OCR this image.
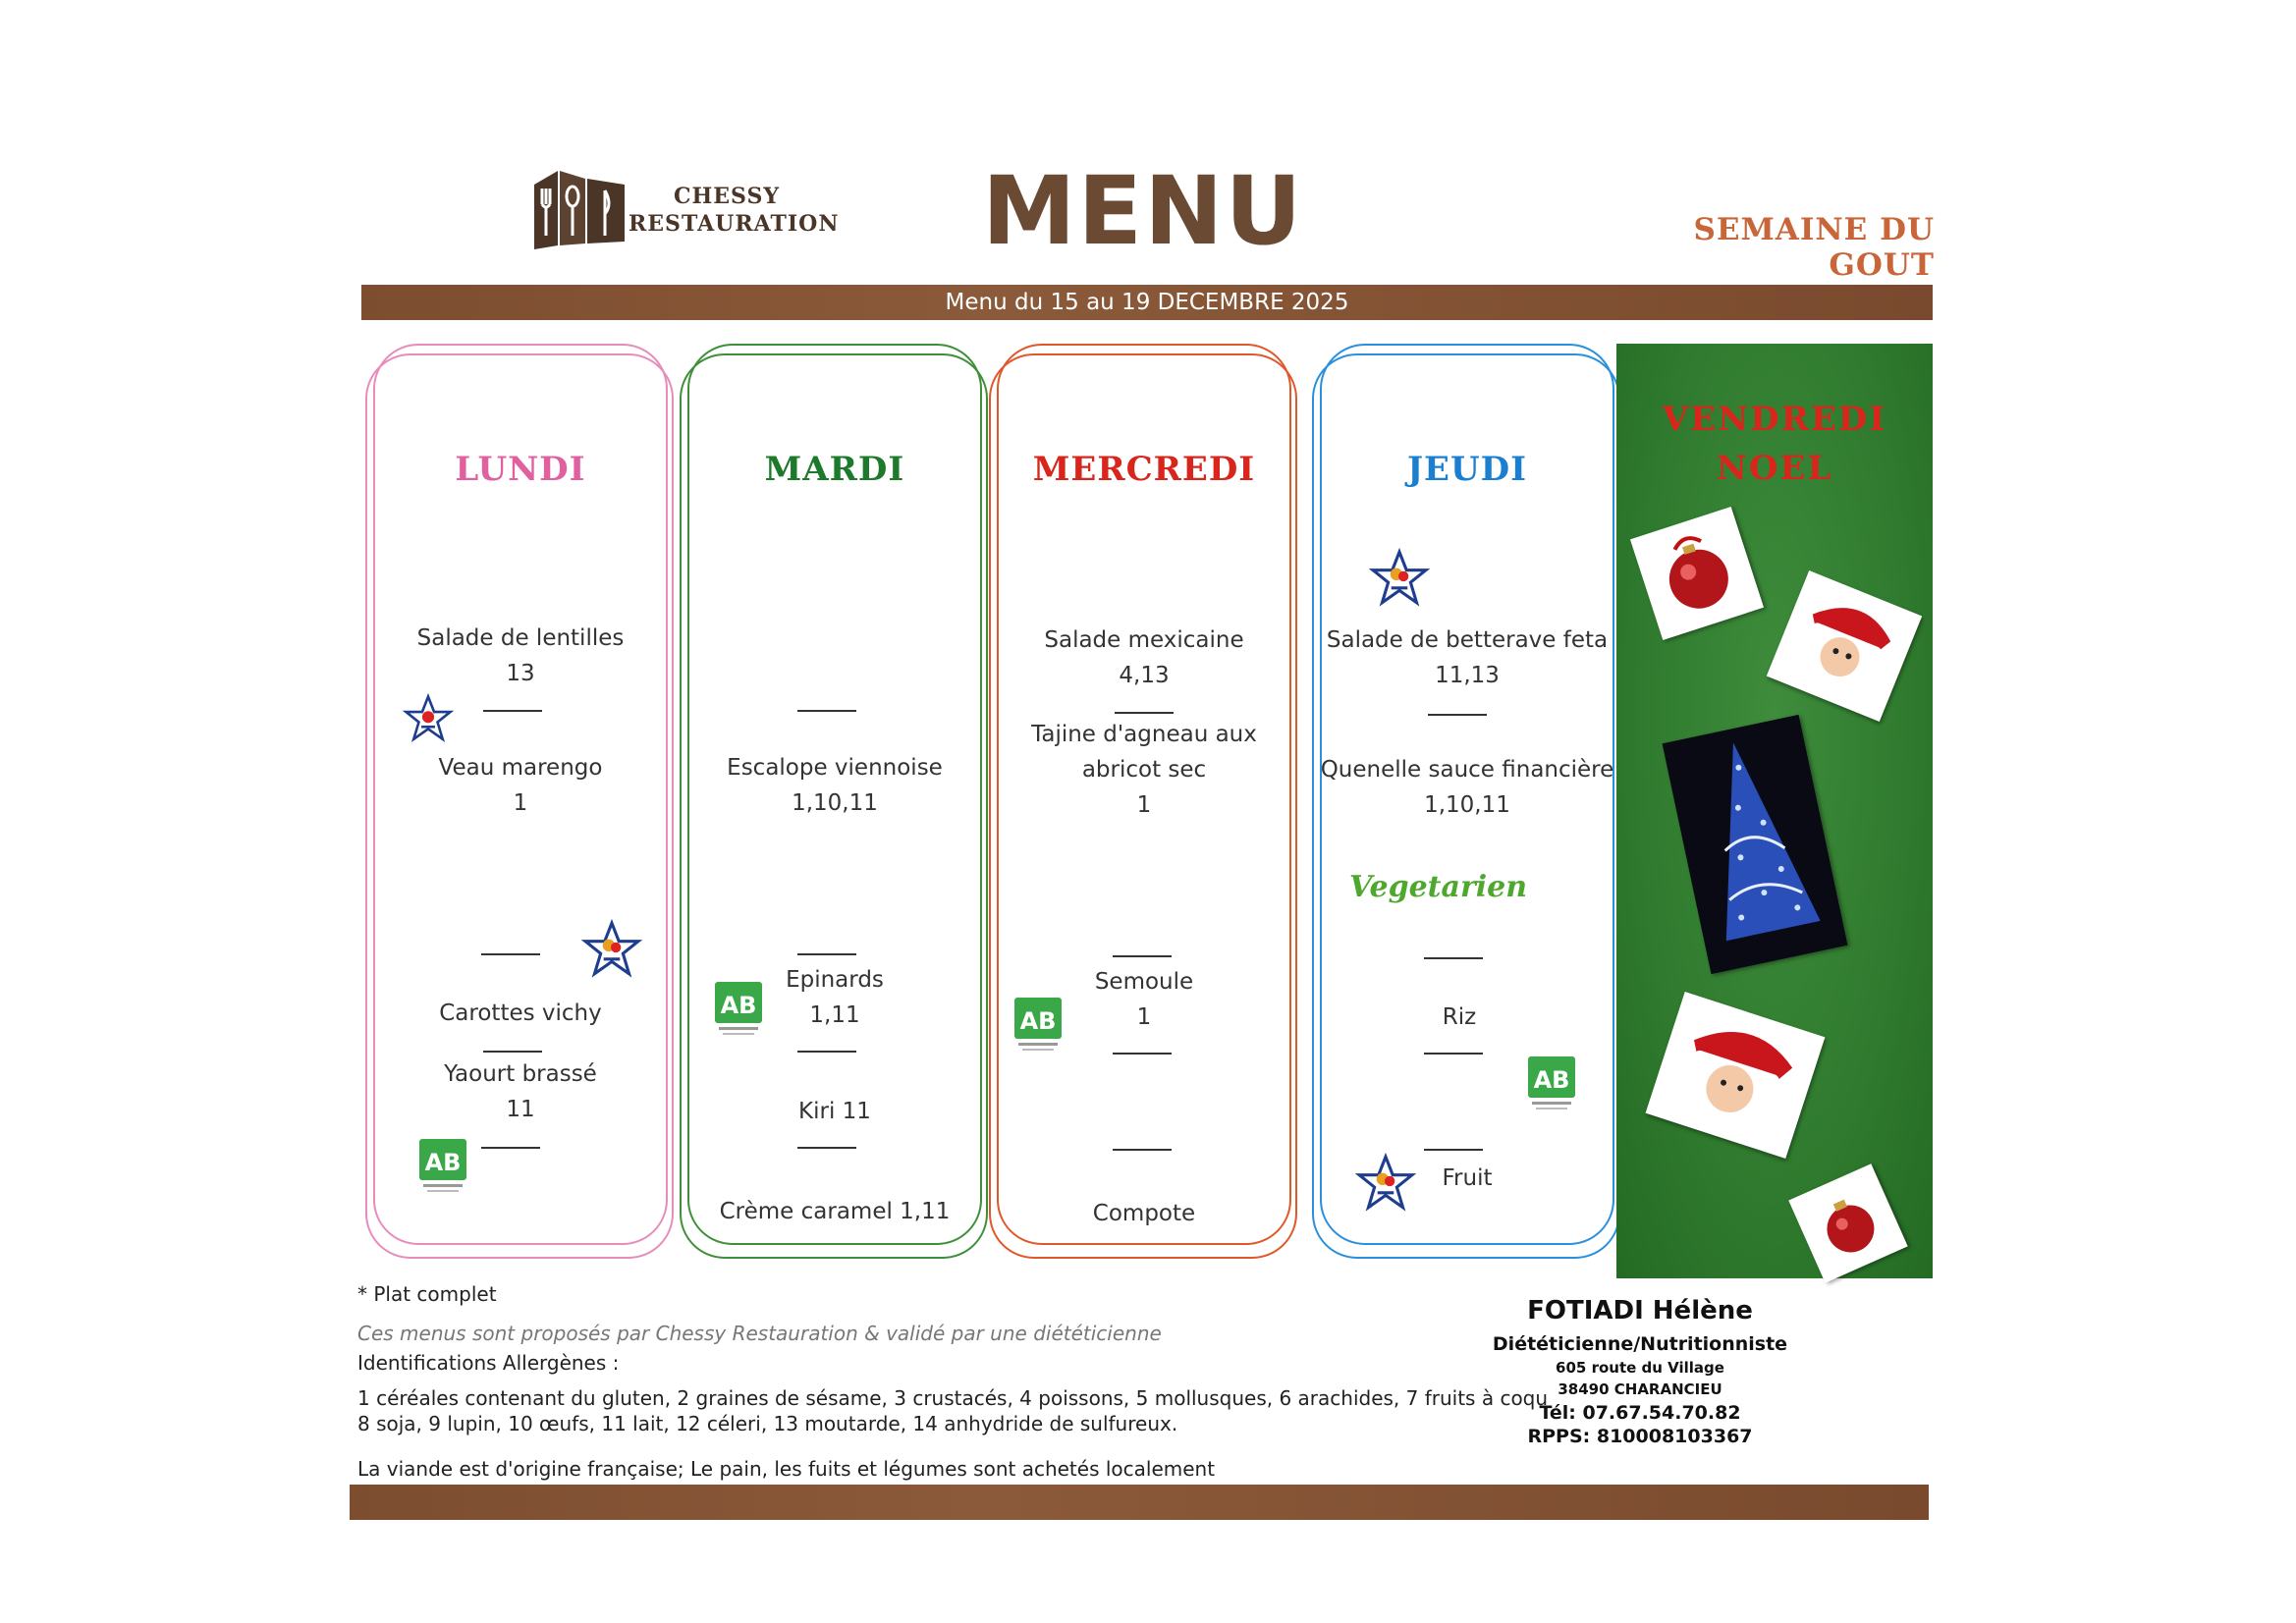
CHESSY
RESTAURATION MENU	SEMAINE DU GOUT
Menu du 15 au 19 DECEMBRE 2025
LUNDI
Salade de lentilles
13
Veau marengo
1
Carottes vichy
Yaourt brassé
11
AB
MARDI
Escalope viennoise
1,10,11
AB
Epinards
1,11
Kiri 11
Crème caramel 1,11
MERCREDI
Salade mexicaine
4,13
Tajine d'agneau aux
abricot sec
1
AB
Semoule
1
Compote
JEUDI
Salade de betterave feta
11,13
Quenelle sauce financière
1,10,11
Vegetarien
Riz
AB
Fruit
VENDREDI
NOEL
* Plat complet
Ces menus sont proposés par Chessy Restauration & validé par une diététicienne
Identifications Allergènes :
1 céréales contenant du gluten, 2 graines de sésame, 3 crustacés, 4 poissons, 5 mollusques, 6 arachides, 7 fruits à coqu
8 soja, 9 lupin, 10 œufs, 11 lait, 12 céleri, 13 moutarde, 14 anhydride de sulfureux.
La viande est d'origine française; Le pain, les fuits et légumes sont achetés localement
FOTIADI Hélène
Diététicienne/Nutritionniste
605 route du Village
38490 CHARANCIEU
Tél: 07.67.54.70.82
RPPS: 810008103367
